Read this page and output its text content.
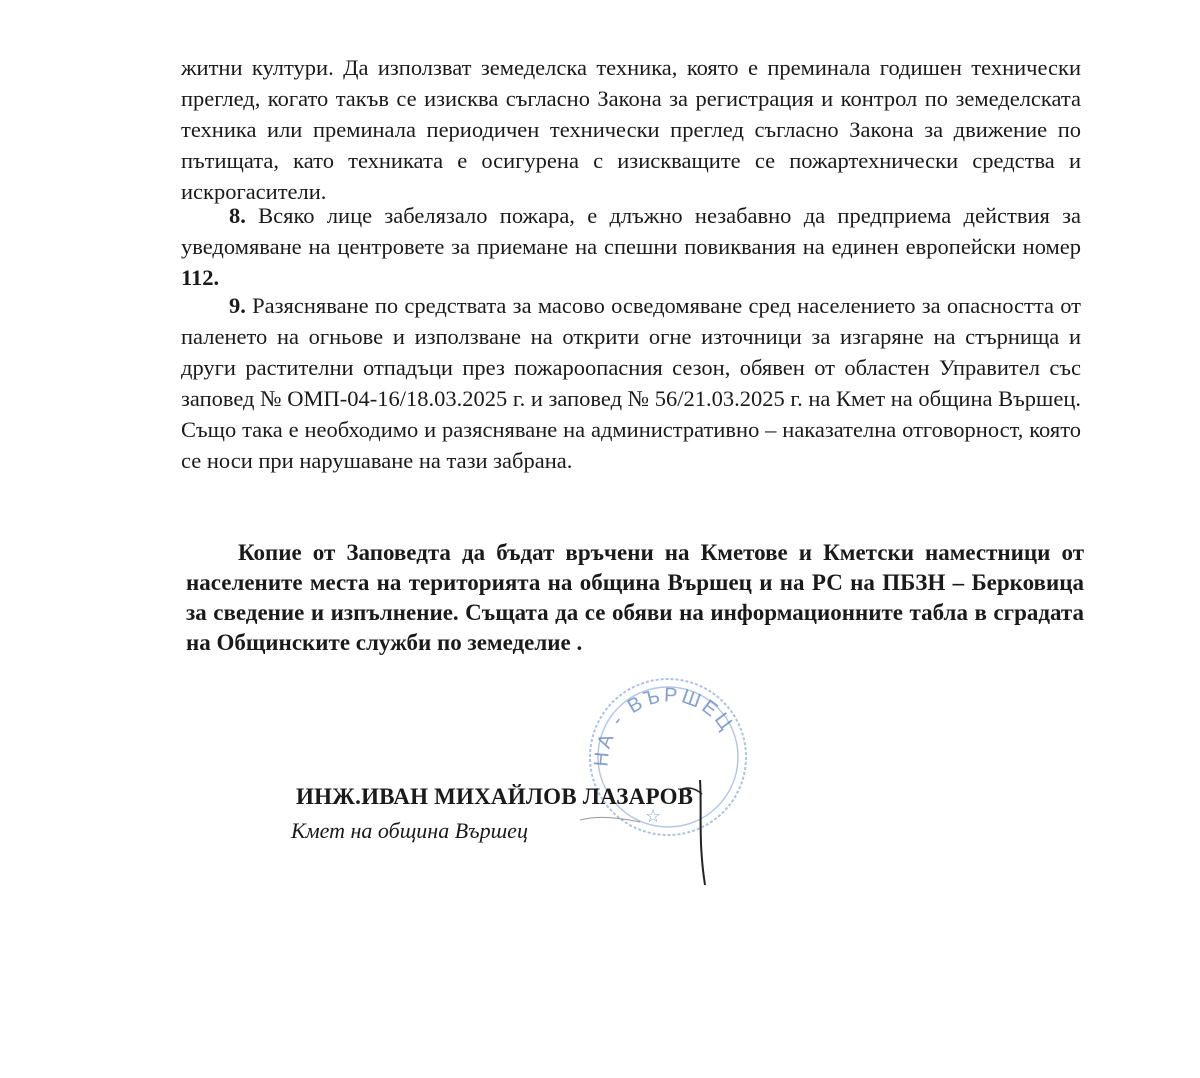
житни култури. Да използват земеделска техника, която е преминала годишен технически преглед, когато такъв се изисква съгласно Закона за регистрация и контрол по земеделската техника или преминала периодичен технически преглед съгласно Закона за движение по пътищата, като техниката е осигурена с изискващите се пожартехнически средства и искрогасители.

8. Всяко лице забелязало пожара, е длъжно незабавно да предприема действия за уведомяване на центровете за приемане на спешни повиквания на единен европейски номер 112.

9. Разясняване по средствата за масово осведомяване сред населението за опасността от паленето на огньове и използване на открити огне източници за изгаряне на стърнища и други растителни отпадъци през пожароопасния сезон, обявен от областен Управител със заповед № ОМП-04-16/18.03.2025 г. и заповед № 56/21.03.2025 г. на Кмет на община Вършец. Също така е необходимо и разясняване на административно – наказателна отговорност, която се носи при нарушаване на тази забрана.

Копие от Заповедта да бъдат връчени на Кметове и Кметски наместници от населените места на територията на община Вършец и на РС на ПБЗН – Берковица за сведение и изпълнение. Същата да се обяви на информационните табла в сградата на Общинските служби по земеделие .

НА - ВЪРШЕЦ
☆

ИНЖ.ИВАН МИХАЙЛОВ ЛАЗАРОВ

Кмет на община Вършец
